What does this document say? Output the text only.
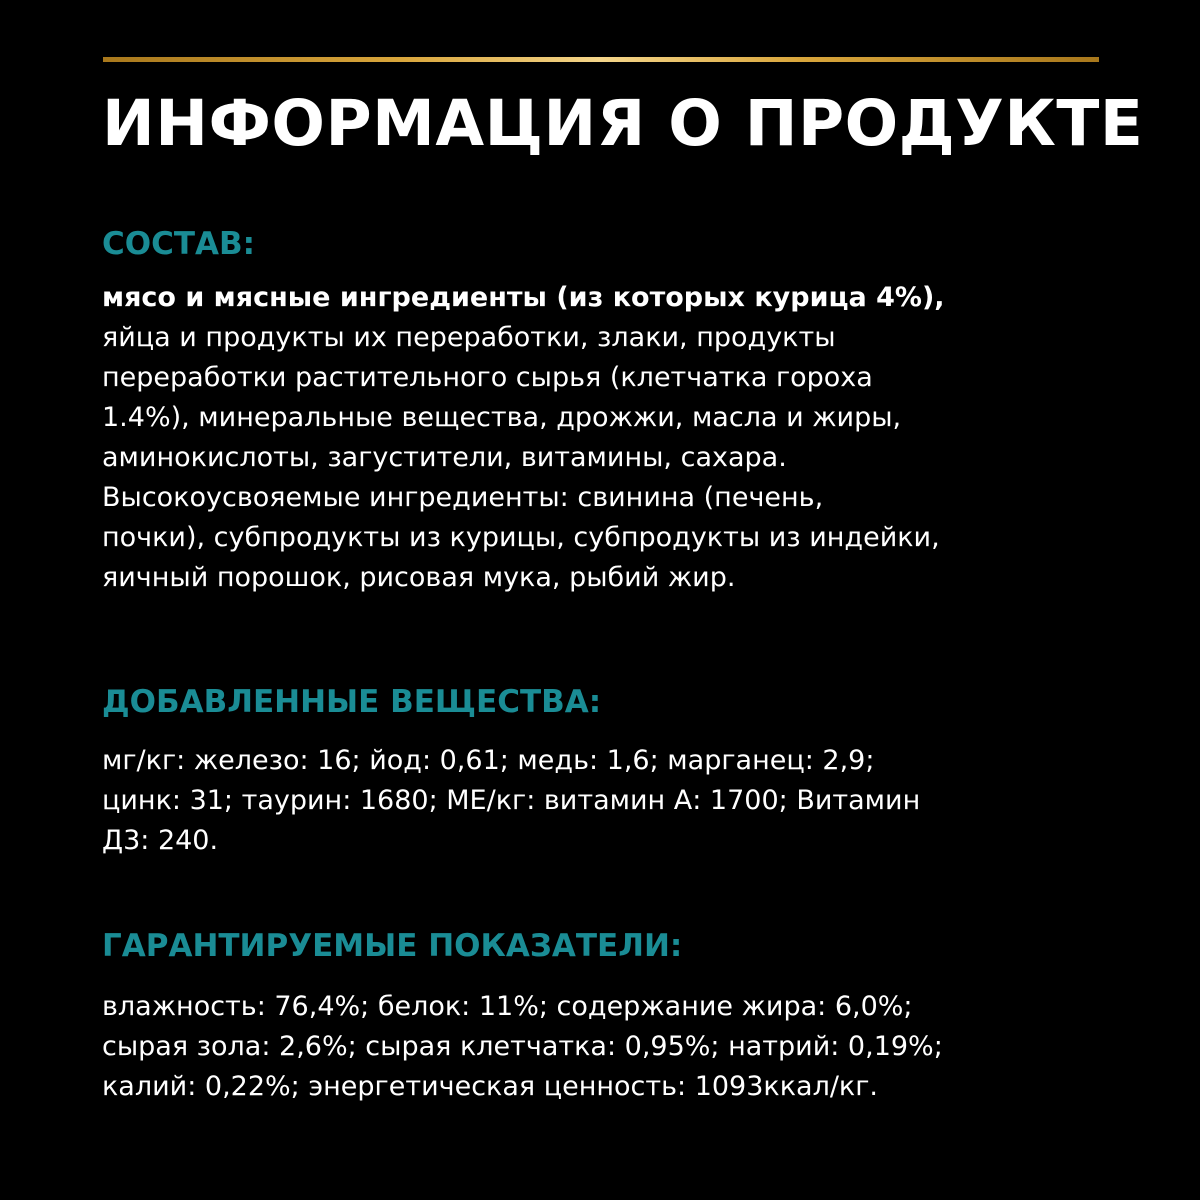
ИНФОРМАЦИЯ О ПРОДУКТЕ
СОСТАВ:
мясо и мясные ингредиенты (из которых курица 4%),
яйца и продукты их переработки, злаки, продукты
переработки растительного сырья (клетчатка гороха
1.4%), минеральные вещества, дрожжи, масла и жиры,
аминокислоты, загустители, витамины, сахара.
Высокоусвояемые ингредиенты: свинина (печень,
почки), субпродукты из курицы, субпродукты из индейки,
яичный порошок, рисовая мука, рыбий жир.
ДОБАВЛЕННЫЕ ВЕЩЕСТВА:
мг/кг: железо: 16; йод: 0,61; медь: 1,6; марганец: 2,9;
цинк: 31; таурин: 1680; МЕ/кг: витамин А: 1700; Витамин
Д3: 240.
ГАРАНТИРУЕМЫЕ ПОКАЗАТЕЛИ:
влажность: 76,4%; белок: 11%; содержание жира: 6,0%;
сырая зола: 2,6%; сырая клетчатка: 0,95%; натрий: 0,19%;
калий: 0,22%; энергетическая ценность: 1093ккал/кг.
